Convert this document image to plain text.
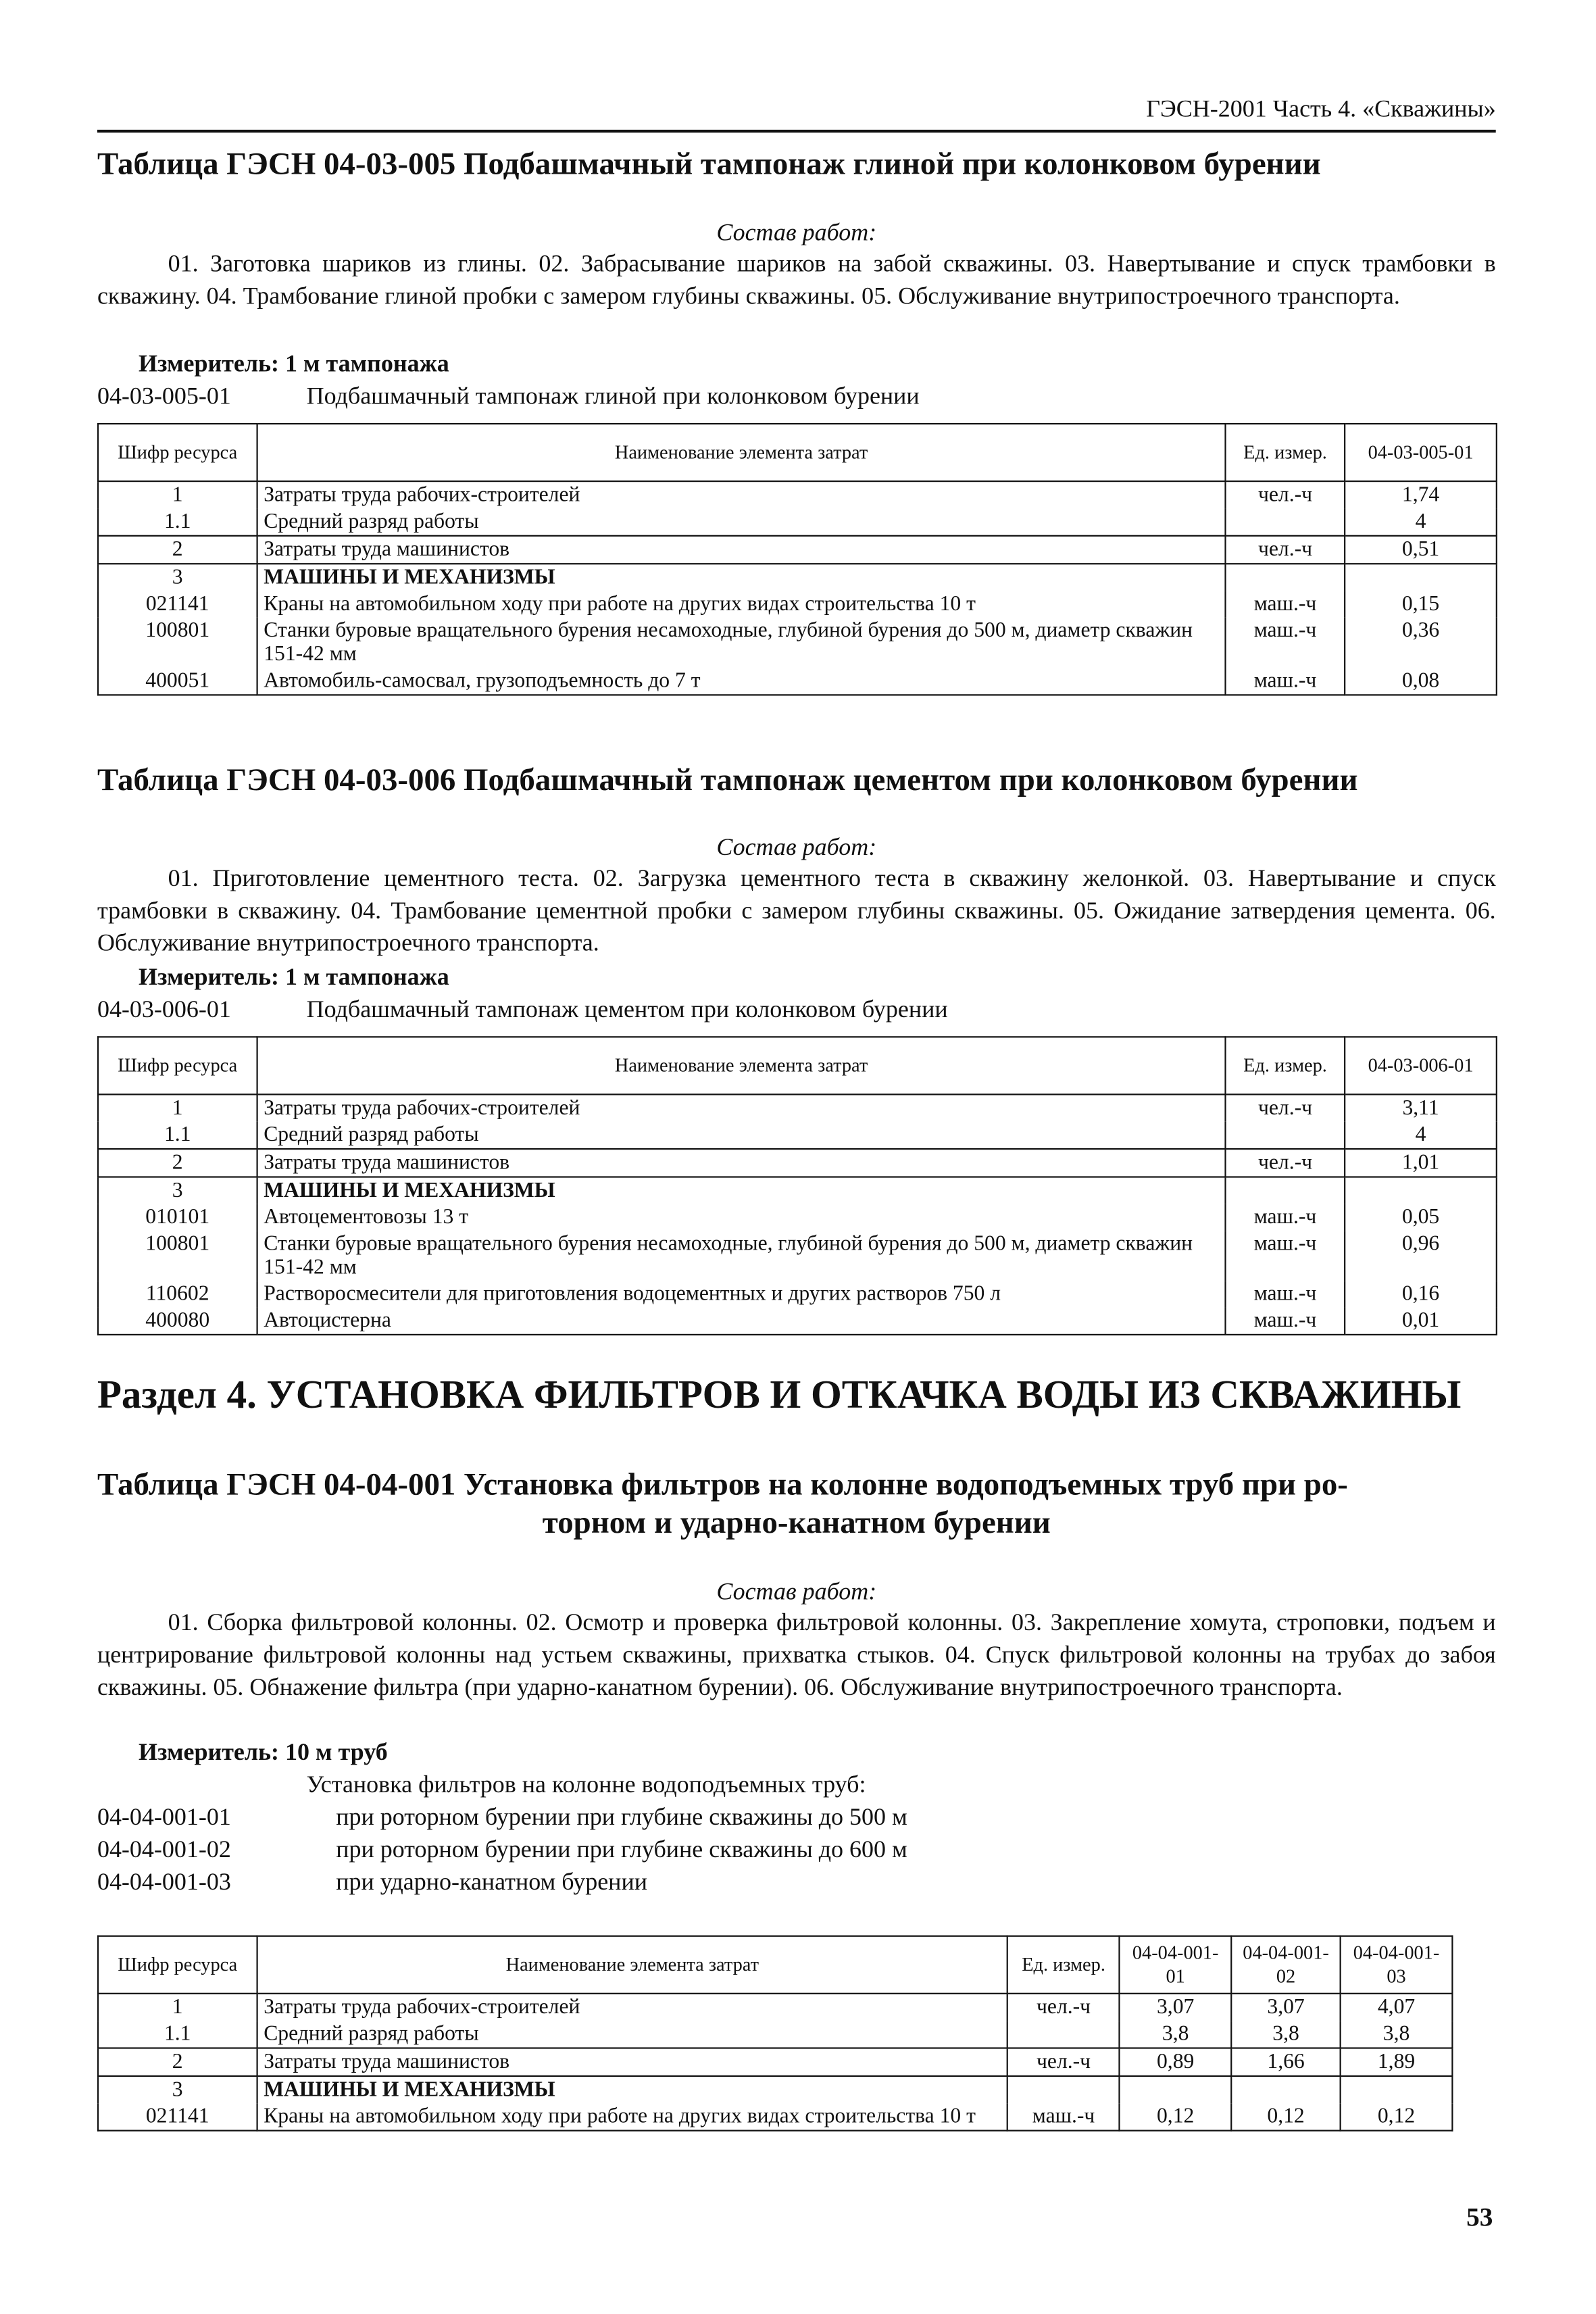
ГЭСН-2001 Часть 4. «Скважины»
Таблица ГЭСН 04-03-005 Подбашмачный тампонаж глиной при колонковом бурении
Состав работ:
01. Заготовка шариков из глины. 02. Забрасывание шариков на забой скважины. 03. Навертывание и спуск трамбовки в скважину. 04. Трамбование глиной пробки с замером глубины скважины. 05. Обслуживание внутрипостроечного транспорта.
Измеритель: 1 м тампонажа
04-03-005-01	Подбашмачный тампонаж глиной при колонковом бурении
Шифр ресурса	Наименование элемента затрат	Ед. измер.	04-03-005-01
1	Затраты труда рабочих-строителей	чел.-ч	1,74
1.1	Средний разряд работы		4
2	Затраты труда машинистов	чел.-ч	0,51
3	МАШИНЫ И МЕХАНИЗМЫ		
021141	Краны на автомобильном ходу при работе на других видах строительства 10 т	маш.-ч	0,15
100801	Станки буровые вращательного бурения несамоходные, глубиной бурения до 500 м, диаметр скважин 151-42 мм	маш.-ч	0,36
400051	Автомобиль-самосвал, грузоподъемность до 7 т	маш.-ч	0,08
Таблица ГЭСН 04-03-006 Подбашмачный тампонаж цементом при колонковом бурении
Состав работ:
01. Приготовление цементного теста. 02. Загрузка цементного теста в скважину желонкой. 03. Навертывание и спуск трамбовки в скважину. 04. Трамбование цементной пробки с замером глубины скважины. 05. Ожидание затвердения цемента. 06. Обслуживание внутрипостроечного транспорта.
Измеритель: 1 м тампонажа
04-03-006-01	Подбашмачный тампонаж цементом при колонковом бурении
Шифр ресурса	Наименование элемента затрат	Ед. измер.	04-03-006-01
1	Затраты труда рабочих-строителей	чел.-ч	3,11
1.1	Средний разряд работы		4
2	Затраты труда машинистов	чел.-ч	1,01
3	МАШИНЫ И МЕХАНИЗМЫ		
010101	Автоцементовозы 13 т	маш.-ч	0,05
100801	Станки буровые вращательного бурения несамоходные, глубиной бурения до 500 м, диаметр скважин 151-42 мм	маш.-ч	0,96
110602	Растворосмесители для приготовления водоцементных и других растворов 750 л	маш.-ч	0,16
400080	Автоцистерна	маш.-ч	0,01
Раздел 4. УСТАНОВКА ФИЛЬТРОВ И ОТКАЧКА ВОДЫ ИЗ СКВАЖИНЫ
Таблица ГЭСН 04-04-001 Установка фильтров на колонне водоподъемных труб при ро-
торном и ударно-канатном бурении
Состав работ:
01. Сборка фильтровой колонны. 02. Осмотр и проверка фильтровой колонны. 03. Закрепление хомута, строповки, подъем и центрирование фильтровой колонны над устьем скважины, прихватка стыков. 04. Спуск фильтровой колонны на трубах до забоя скважины. 05. Обнажение фильтра (при ударно-канатном бурении). 06. Обслуживание внутрипостроечного транспорта.
Измеритель: 10 м труб
Установка фильтров на колонне водоподъемных труб:
04-04-001-01	при роторном бурении при глубине скважины до 500 м
04-04-001-02	при роторном бурении при глубине скважины до 600 м
04-04-001-03	при ударно-канатном бурении
Шифр ресурса	Наименование элемента затрат	Ед. измер.	04-04-001-01	04-04-001-02	04-04-001-03
1	Затраты труда рабочих-строителей	чел.-ч	3,07	3,07	4,07
1.1	Средний разряд работы		3,8	3,8	3,8
2	Затраты труда машинистов	чел.-ч	0,89	1,66	1,89
3	МАШИНЫ И МЕХАНИЗМЫ				
021141	Краны на автомобильном ходу при работе на других видах строительства 10 т	маш.-ч	0,12	0,12	0,12
53
